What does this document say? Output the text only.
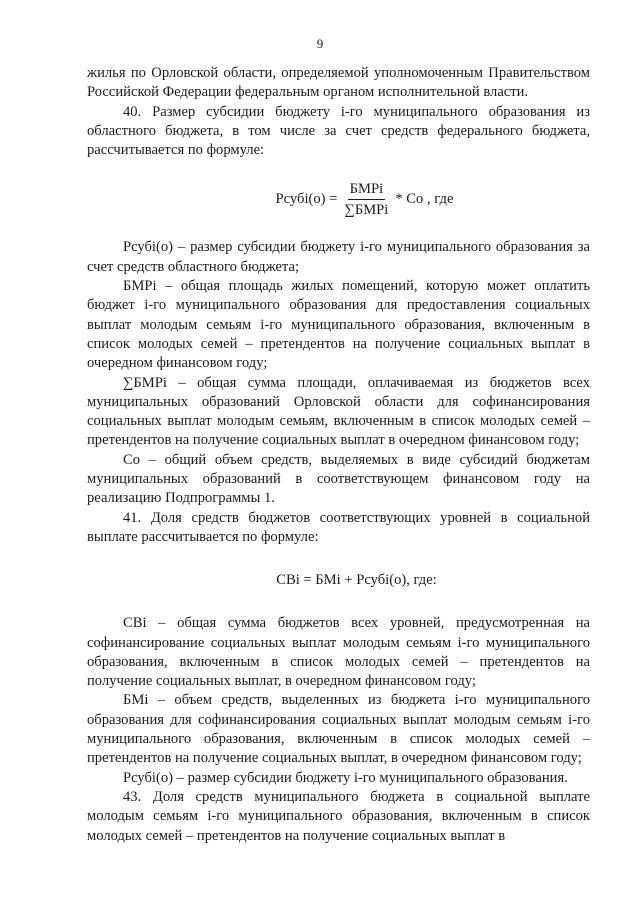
9

жилья по Орловской области, определяемой уполномоченным Правительством Российской Федерации федеральным органом исполнительной власти.

40. Размер субсидии бюджету i-го муниципального образования из областного бюджета, в том числе за счет средств федерального бюджета, рассчитывается по формуле:

Рсубi(о) = $\frac{\text{БМРi}}{\text{∑БМРi}}$ * Со , где

Рсубi(о) – размер субсидии бюджету i-го муниципального образования за счет средств областного бюджета;

БМРi – общая площадь жилых помещений, которую может оплатить бюджет i-го муниципального образования для предоставления социальных выплат молодым семьям i-го муниципального образования, включенным в список молодых семей – претендентов на получение социальных выплат в очередном финансовом году;

∑БМРi – общая сумма площади, оплачиваемая из бюджетов всех муниципальных образований Орловской области для софинансирования социальных выплат молодым семьям, включенным в список молодых семей – претендентов на получение социальных выплат в очередном финансовом году;

Со – общий объем средств, выделяемых в виде субсидий бюджетам муниципальных образований в соответствующем финансовом году на реализацию Подпрограммы 1.

41. Доля средств бюджетов соответствующих уровней в социальной выплате рассчитывается по формуле:

СВi = БМi + Рсубi(о), где:

СВi – общая сумма бюджетов всех уровней, предусмотренная на софинансирование социальных выплат молодым семьям i-го муниципального образования, включенным в список молодых семей – претендентов на получение социальных выплат, в очередном финансовом году;

БМi – объем средств, выделенных из бюджета i-го муниципального образования для софинансирования социальных выплат молодым семьям i-го муниципального образования, включенным в список молодых семей – претендентов на получение социальных выплат, в очередном финансовом году;

Рсубi(о) – размер субсидии бюджету i-го муниципального образования.

43. Доля средств муниципального бюджета в социальной выплате молодым семьям i-го муниципального образования, включенным в список молодых семей – претендентов на получение социальных выплат в
